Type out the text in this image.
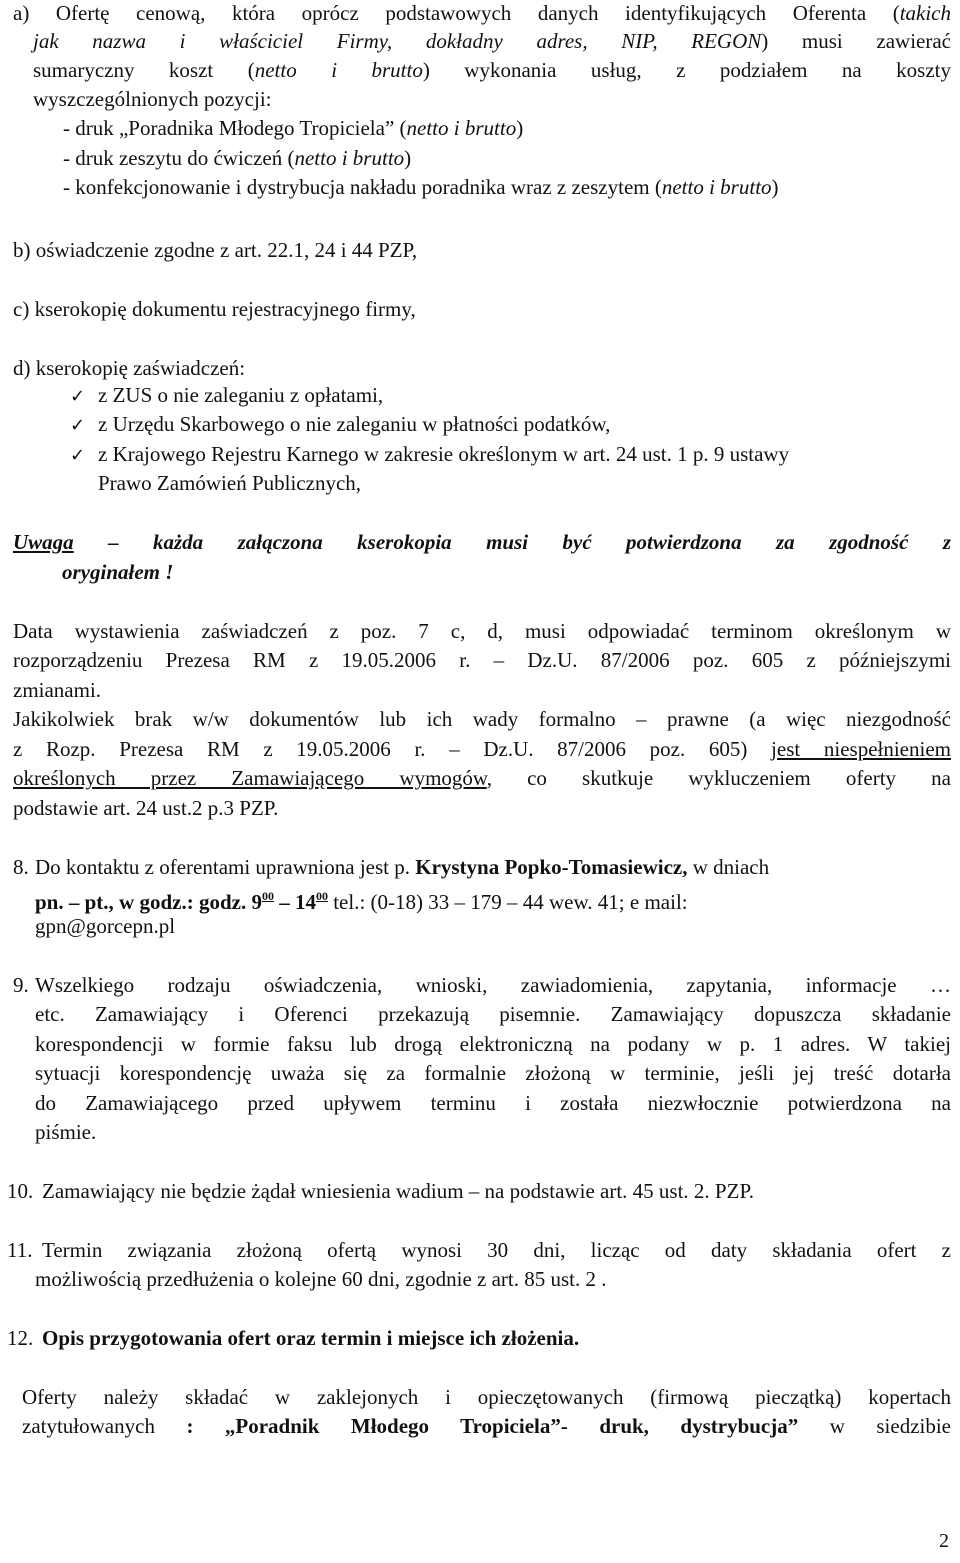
a) Ofertę cenową, która oprócz podstawowych danych identyfikujących Oferenta (takich
jak nazwa i właściciel Firmy, dokładny adres, NIP, REGON) musi zawierać
sumaryczny koszt (netto i brutto) wykonania usług, z podziałem na koszty
wyszczególnionych pozycji:
- druk „Poradnika Młodego Tropiciela” (netto i brutto)
- druk zeszytu do ćwiczeń (netto i brutto)
- konfekcjonowanie i dystrybucja nakładu poradnika wraz z zeszytem (netto i brutto)
b) oświadczenie zgodne z art. 22.1, 24 i 44 PZP,
c) kserokopię dokumentu rejestracyjnego firmy,
d) kserokopię zaświadczeń:
✓ z ZUS o nie zaleganiu z opłatami,
✓ z Urzędu Skarbowego o nie zaleganiu w płatności podatków,
✓ z Krajowego Rejestru Karnego w zakresie określonym w art. 24 ust. 1 p. 9 ustawy
Prawo Zamówień Publicznych,
Uwaga – każda załączona kserokopia musi być potwierdzona za zgodność z
oryginałem !
Data wystawienia zaświadczeń z poz. 7 c, d, musi odpowiadać terminom określonym w
rozporządzeniu Prezesa RM z 19.05.2006 r. – Dz.U. 87/2006 poz. 605 z późniejszymi
zmianami.
Jakikolwiek brak w/w dokumentów lub ich wady formalno – prawne (a więc niezgodność
z Rozp. Prezesa RM z 19.05.2006 r. – Dz.U. 87/2006 poz. 605) jest niespełnieniem
określonych przez Zamawiającego wymogów, co skutkuje wykluczeniem oferty na
podstawie art. 24 ust.2 p.3 PZP.
8. Do kontaktu z oferentami uprawniona jest p. Krystyna Popko-Tomasiewicz, w dniach
pn. – pt., w godz.: godz. $9^{00} - 14^{00}$ tel.: (0-18) 33 – 179 – 44 wew. 41; e mail:
gpn@gorcepn.pl
9. Wszelkiego rodzaju oświadczenia, wnioski, zawiadomienia, zapytania, informacje …
etc. Zamawiający i Oferenci przekazują pisemnie. Zamawiający dopuszcza składanie
korespondencji w formie faksu lub drogą elektroniczną na podany w p. 1 adres. W takiej
sytuacji korespondencję uważa się za formalnie złożoną w terminie, jeśli jej treść dotarła
do Zamawiającego przed upływem terminu i została niezwłocznie potwierdzona na
piśmie.
10. Zamawiający nie będzie żądał wniesienia wadium – na podstawie art. 45 ust. 2. PZP.
11. Termin związania złożoną ofertą wynosi 30 dni, licząc od daty składania ofert z
możliwością przedłużenia o kolejne 60 dni, zgodnie z art. 85 ust. 2 .
12. Opis przygotowania ofert oraz termin i miejsce ich złożenia.
Oferty należy składać w zaklejonych i opieczętowanych (firmową pieczątką) kopertach
zatytułowanych : „Poradnik Młodego Tropiciela”- druk, dystrybucja” w siedzibie
2
